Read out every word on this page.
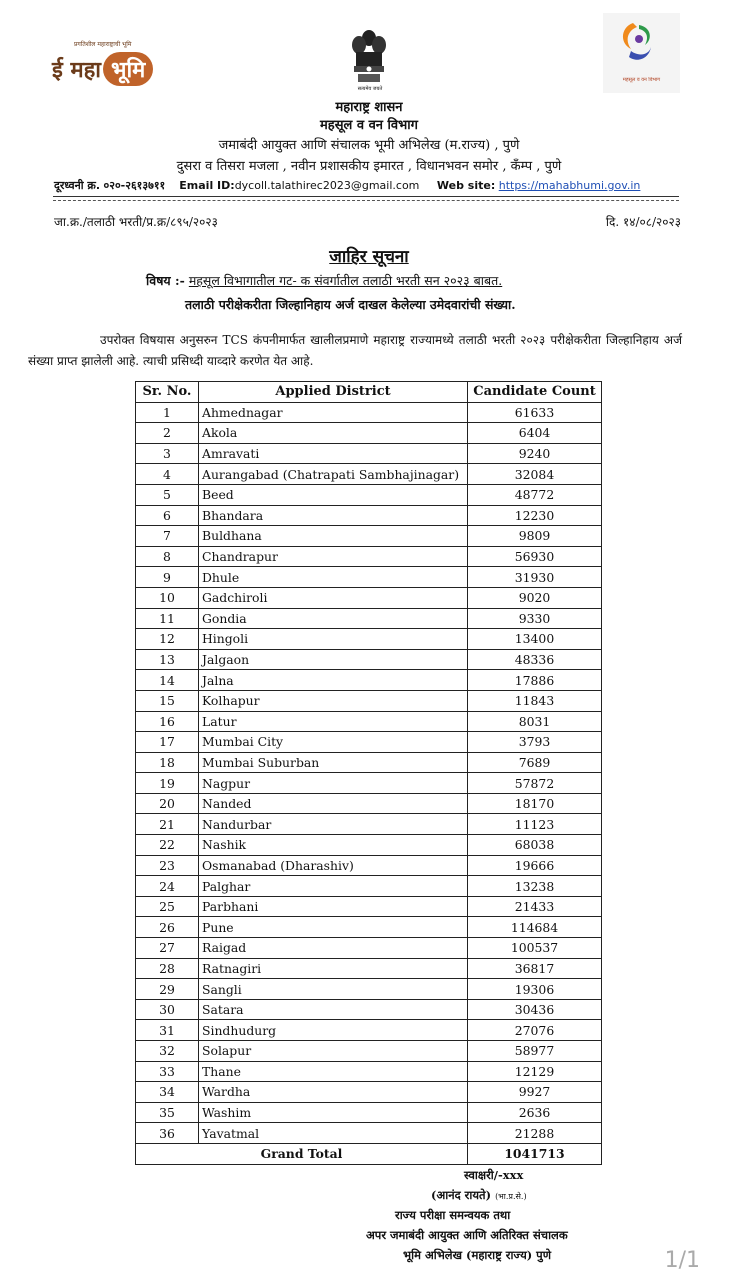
प्रगतिशील महाराष्ट्राची भूमि
ई महा भूमि
सत्यमेव जयते
महसूल व वन विभाग
महाराष्ट्र शासन
महसूल व वन विभाग
जमाबंदी आयुक्त आणि संचालक भूमी अभिलेख (म.राज्य) , पुणे
दुसरा व तिसरा मजला , नवीन प्रशासकीय इमारत , विधानभवन समोर , कँम्प , पुणे
दूरध्वनी क्र. ०२०-२६१३७११ Email ID:dycoll.talathirec2023@gmail.com Web site: https://mahabhumi.gov.in
जा.क्र./तलाठी भरती/प्र.क्र/८९५/२०२३	दि. १४/०८/२०२३
जाहिर सूचना
विषय :- महसूल विभागातील गट- क संवर्गातील तलाठी भरती सन २०२३ बाबत.
तलाठी परीक्षेकरीता जिल्हानिहाय अर्ज दाखल केलेल्या उमेदवारांची संख्या.
उपरोक्त विषयास अनुसरुन TCS कंपनीमार्फत खालीलप्रमाणे महाराष्ट्र राज्यामध्ये तलाठी भरती २०२३ परीक्षेकरीता जिल्हानिहाय अर्ज संख्या प्राप्त झालेली आहे. त्याची प्रसिध्दी याव्दारे करणेत येत आहे.
Sr. No.	Applied District	Candidate Count
1	Ahmednagar	61633
2	Akola	6404
3	Amravati	9240
4	Aurangabad (Chatrapati Sambhajinagar)	32084
5	Beed	48772
6	Bhandara	12230
7	Buldhana	9809
8	Chandrapur	56930
9	Dhule	31930
10	Gadchiroli	9020
11	Gondia	9330
12	Hingoli	13400
13	Jalgaon	48336
14	Jalna	17886
15	Kolhapur	11843
16	Latur	8031
17	Mumbai City	3793
18	Mumbai Suburban	7689
19	Nagpur	57872
20	Nanded	18170
21	Nandurbar	11123
22	Nashik	68038
23	Osmanabad (Dharashiv)	19666
24	Palghar	13238
25	Parbhani	21433
26	Pune	114684
27	Raigad	100537
28	Ratnagiri	36817
29	Sangli	19306
30	Satara	30436
31	Sindhudurg	27076
32	Solapur	58977
33	Thane	12129
34	Wardha	9927
35	Washim	2636
36	Yavatmal	21288
Grand Total		1041713
स्वाक्षरी/-xxx
(आनंद रायते) (भा.प्र.से.)
राज्य परीक्षा समन्वयक तथा
अपर जमाबंदी आयुक्त आणि अतिरिक्त संचालक
भूमि अभिलेख (महाराष्ट्र राज्य) पुणे	1/1
